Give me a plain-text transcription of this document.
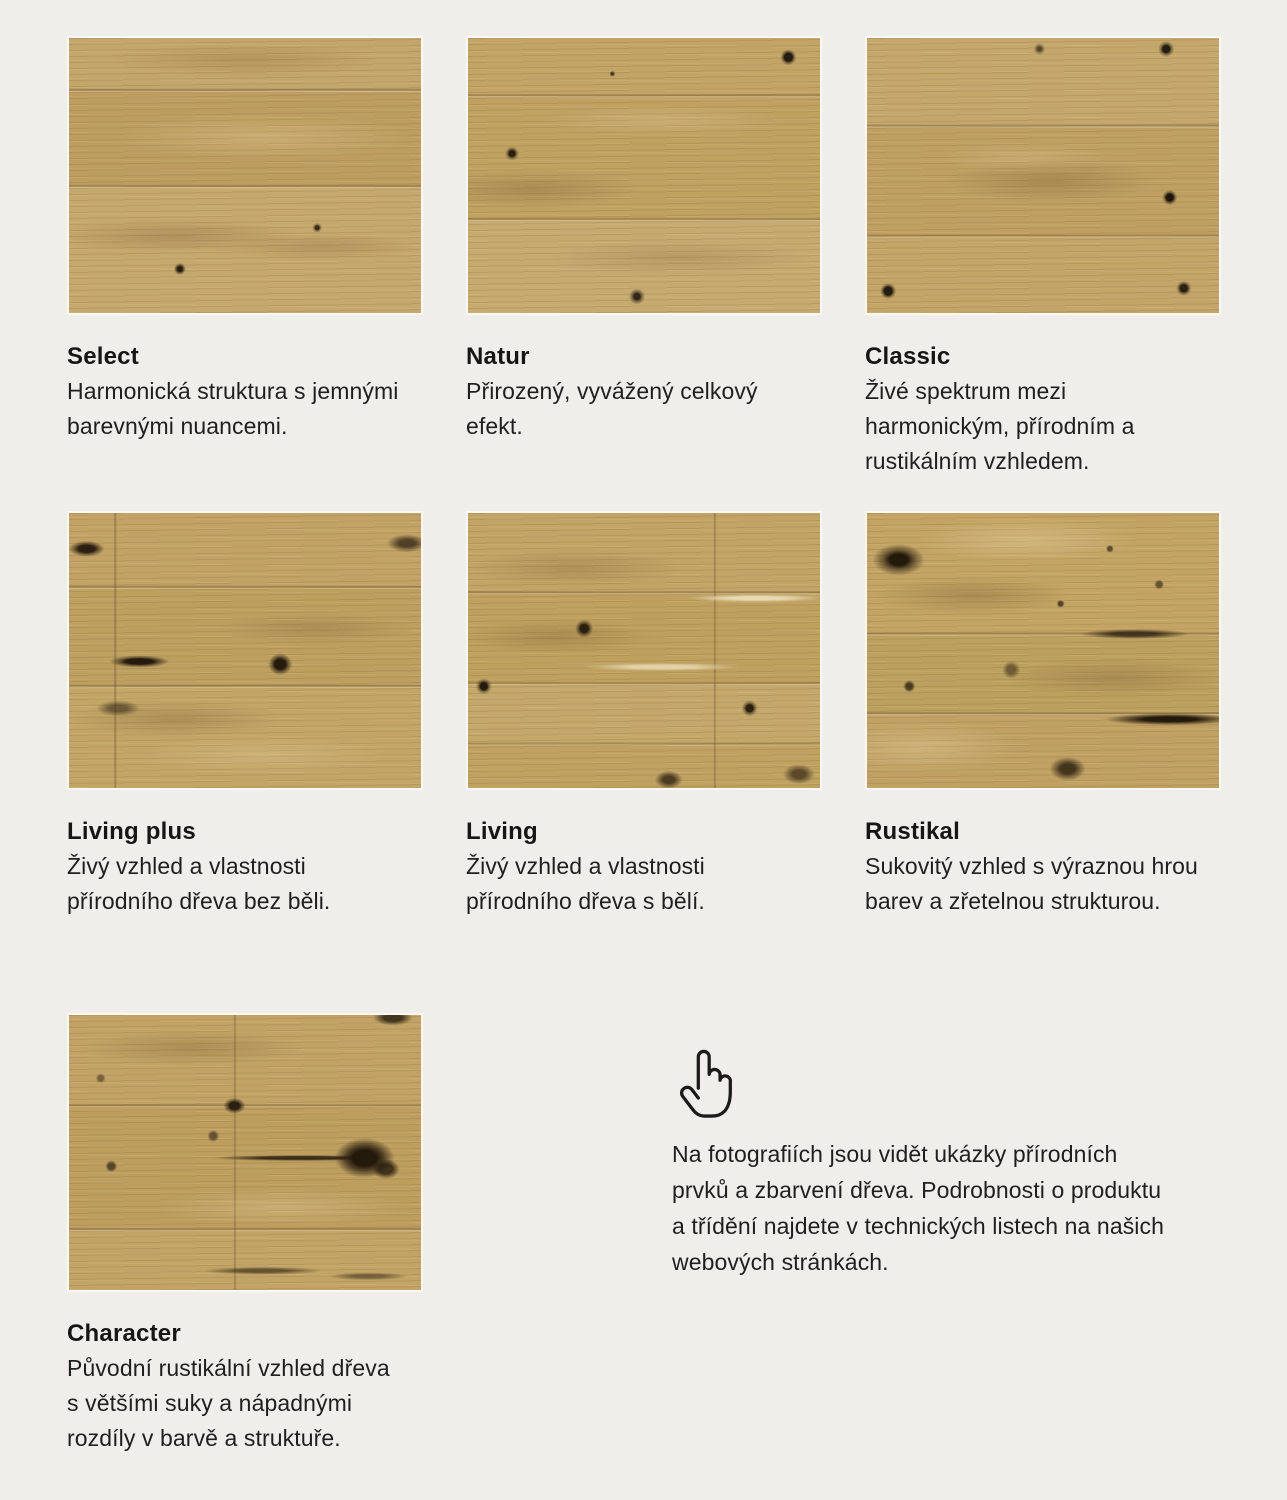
Select

Harmonická struktura s jemnými barevnými nuancemi.

Natur

Přirozený, vyvážený celkový efekt.

Classic

Živé spektrum mezi harmonickým, přírodním a rustikálním vzhledem.

Living plus

Živý vzhled a vlastnosti přírodního dřeva bez běli.

Living

Živý vzhled a vlastnosti přírodního dřeva s bělí.

Rustikal

Sukovitý vzhled s výraznou hrou barev a zřetelnou strukturou.

Character

Původní rustikální vzhled dřeva s většími suky a nápadnými rozdíly v barvě a struktuře.

Na fotografiích jsou vidět ukázky přírodních prvků a zbarvení dřeva. Podrobnosti o produktu a třídění najdete v technických listech na našich webových stránkách.
